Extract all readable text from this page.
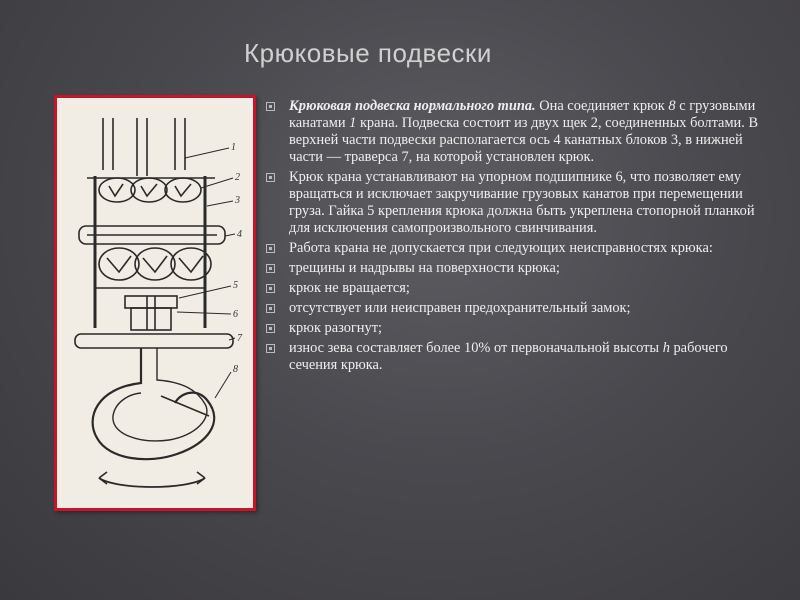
Крюковые подвески
1
2
3
4
5
6
7
8
Крюковая подвеска нормального типа. Она соединяет крюк 8 с грузовыми канатами 1 крана. Подвеска состоит из двух щек 2, соединенных болтами. В верхней части подвески располагается ось 4 канатных блоков 3, в нижней части — траверса 7, на которой установлен крюк.
Крюк крана устанавливают на упорном подшипнике 6, что позволяет ему вращаться и исключает закручивание грузовых канатов при перемещении груза. Гайка 5 крепления крюка должна быть укреплена стопорной планкой для исключения самопроизвольного свинчивания.
Работа крана не допускается при следующих неисправностях крюка:
трещины и надрывы на поверхности крюка;
крюк не вращается;
отсутствует или неисправен предохранительный замок;
крюк разогнут;
износ зева составляет более 10% от первоначальной высоты h рабочего сечения крюка.
